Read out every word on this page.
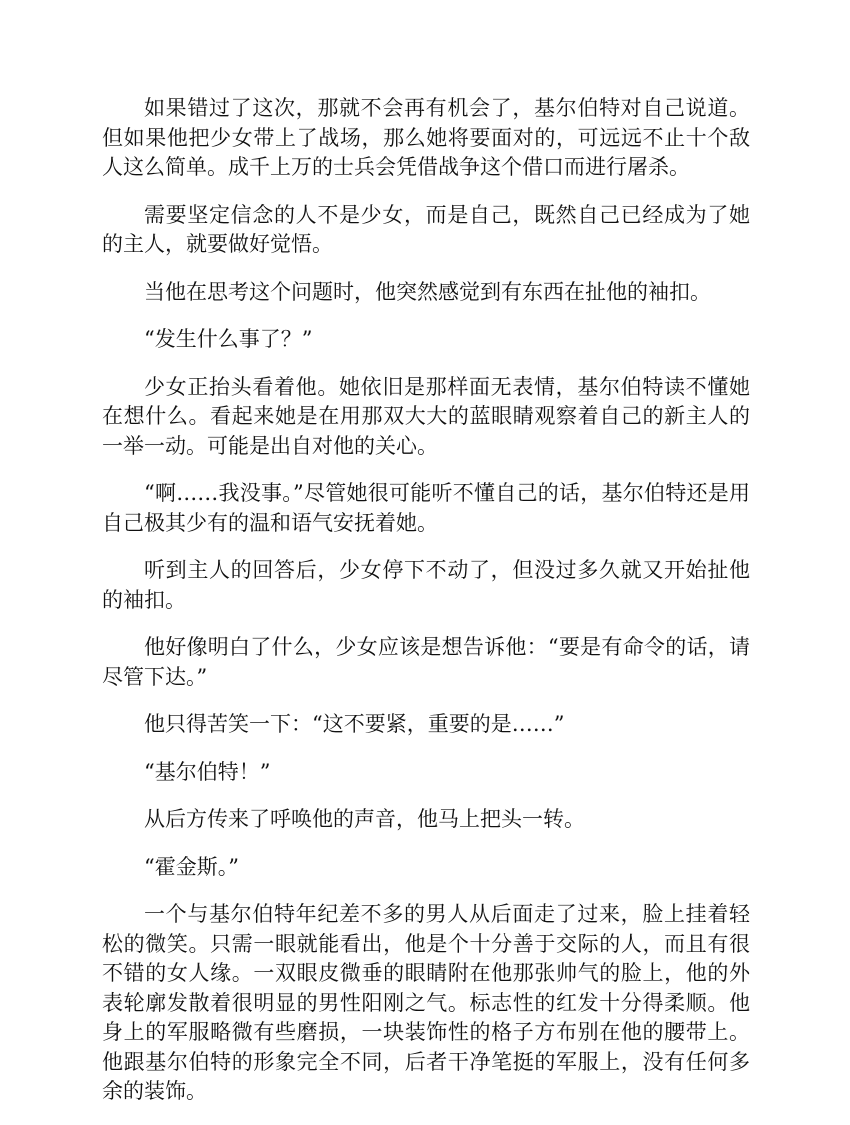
如果错过了这次，那就不会再有机会了，基尔伯特对自己说道。但如果他把少女带上了战场，那么她将要面对的，可远远不止十个敌人这么简单。成千上万的士兵会凭借战争这个借口而进行屠杀。

需要坚定信念的人不是少女，而是自己，既然自己已经成为了她的主人，就要做好觉悟。

当他在思考这个问题时，他突然感觉到有东西在扯他的袖扣。

“发生什么事了？”

少女正抬头看着他。她依旧是那样面无表情，基尔伯特读不懂她在想什么。看起来她是在用那双大大的蓝眼睛观察着自己的新主人的一举一动。可能是出自对他的关心。

“啊……我没事。”尽管她很可能听不懂自己的话，基尔伯特还是用自己极其少有的温和语气安抚着她。

听到主人的回答后，少女停下不动了，但没过多久就又开始扯他的袖扣。

他好像明白了什么，少女应该是想告诉他：“要是有命令的话，请尽管下达。”

他只得苦笑一下：“这不要紧，重要的是……”

“基尔伯特！”

从后方传来了呼唤他的声音，他马上把头一转。

“霍金斯。”

一个与基尔伯特年纪差不多的男人从后面走了过来，脸上挂着轻松的微笑。只需一眼就能看出，他是个十分善于交际的人，而且有很不错的女人缘。一双眼皮微垂的眼睛附在他那张帅气的脸上，他的外表轮廓发散着很明显的男性阳刚之气。标志性的红发十分得柔顺。他身上的军服略微有些磨损，一块装饰性的格子方布别在他的腰带上。他跟基尔伯特的形象完全不同，后者干净笔挺的军服上，没有任何多余的装饰。
